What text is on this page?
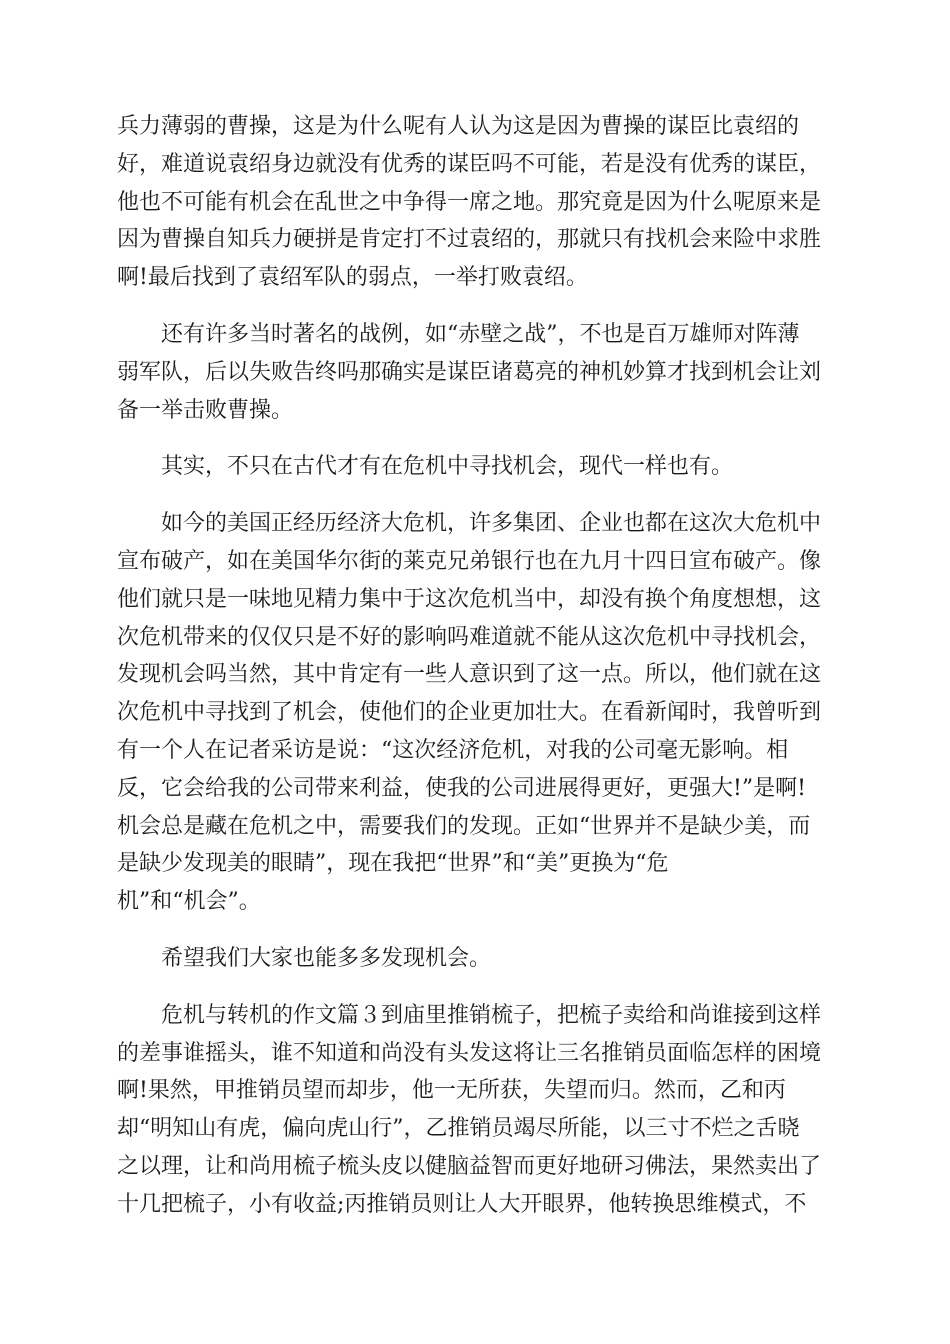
兵力薄弱的曹操，这是为什么呢有人认为这是因为曹操的谋臣比袁绍的
好，难道说袁绍身边就没有优秀的谋臣吗不可能，若是没有优秀的谋臣，
他也不可能有机会在乱世之中争得一席之地。那究竟是因为什么呢原来是
因为曹操自知兵力硬拼是肯定打不过袁绍的，那就只有找机会来险中求胜
啊!最后找到了袁绍军队的弱点，一举打败袁绍。
还有许多当时著名的战例，如“赤壁之战”，不也是百万雄师对阵薄
弱军队，后以失败告终吗那确实是谋臣诸葛亮的神机妙算才找到机会让刘
备一举击败曹操。
其实，不只在古代才有在危机中寻找机会，现代一样也有。
如今的美国正经历经济大危机，许多集团、企业也都在这次大危机中
宣布破产，如在美国华尔街的莱克兄弟银行也在九月十四日宣布破产。像
他们就只是一味地见精力集中于这次危机当中，却没有换个角度想想，这
次危机带来的仅仅只是不好的影响吗难道就不能从这次危机中寻找机会，
发现机会吗当然，其中肯定有一些人意识到了这一点。所以，他们就在这
次危机中寻找到了机会，使他们的企业更加壮大。在看新闻时，我曾听到
有一个人在记者采访是说：“这次经济危机，对我的公司毫无影响。相
反，它会给我的公司带来利益，使我的公司进展得更好，更强大!”是啊!
机会总是藏在危机之中，需要我们的发现。正如“世界并不是缺少美，而
是缺少发现美的眼睛”，现在我把“世界”和“美”更换为“危
机”和“机会”。
希望我们大家也能多多发现机会。
危机与转机的作文篇３到庙里推销梳子，把梳子卖给和尚谁接到这样
的差事谁摇头，谁不知道和尚没有头发这将让三名推销员面临怎样的困境
啊!果然，甲推销员望而却步，他一无所获，失望而归。然而，乙和丙
却“明知山有虎，偏向虎山行”，乙推销员竭尽所能，以三寸不烂之舌晓
之以理，让和尚用梳子梳头皮以健脑益智而更好地研习佛法，果然卖出了
十几把梳子，小有收益;丙推销员则让人大开眼界，他转换思维模式，不
